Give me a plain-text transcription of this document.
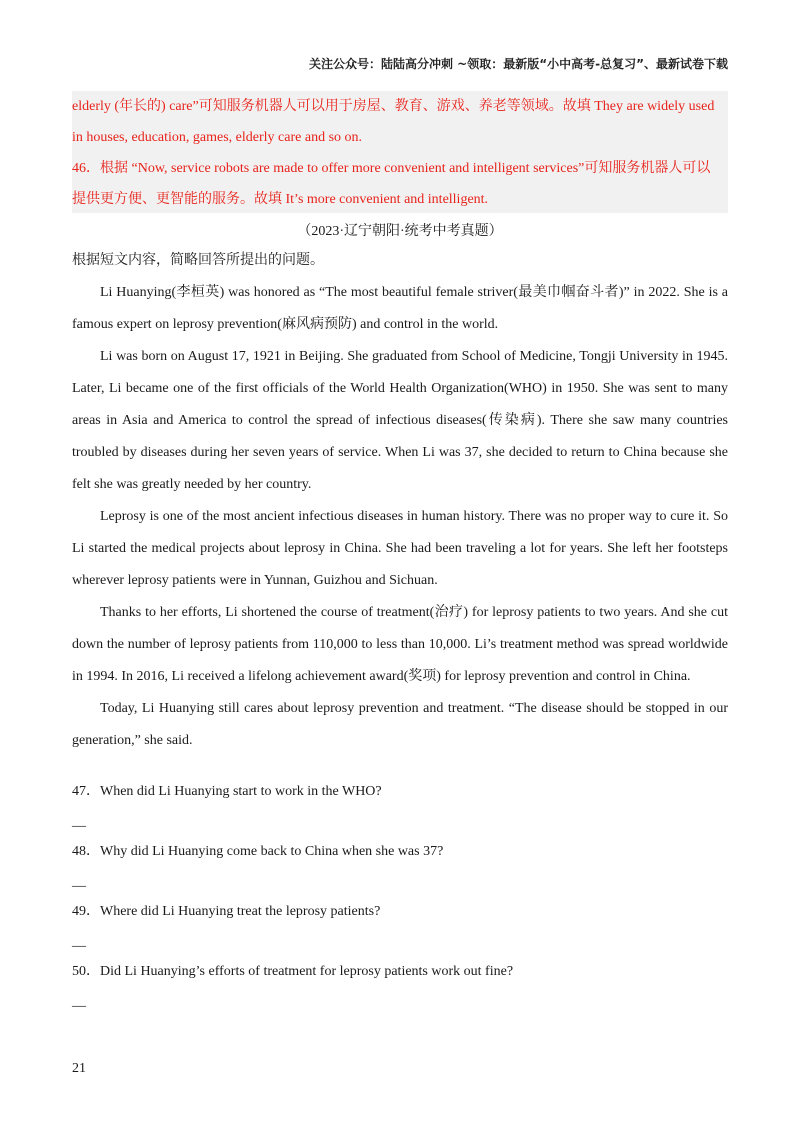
关注公众号：陆陆高分冲刺 ~领取：最新版“小中高考-总复习”、最新试卷下载

elderly (年长的) care”可知服务机器人可以用于房屋、教育、游戏、养老等领域。故填 They are widely used

in houses, education, games, elderly care and so on.

46．根据 “Now, service robots are made to offer more convenient and intelligent services”可知服务机器人可以

提供更方便、更智能的服务。故填 It’s more convenient and intelligent.

（2023·辽宁朝阳·统考中考真题）

根据短文内容，简略回答所提出的问题。

Li Huanying(李桓英) was honored as “The most beautiful female striver(最美巾帼奋斗者)” in 2022. She is a famous expert on leprosy prevention(麻风病预防) and control in the world.

Li was born on August 17, 1921 in Beijing. She graduated from School of Medicine, Tongji University in 1945. Later, Li became one of the first officials of the World Health Organization(WHO) in 1950. She was sent to many areas in Asia and America to control the spread of infectious diseases(传染病). There she saw many countries troubled by diseases during her seven years of service. When Li was 37, she decided to return to China because she felt she was greatly needed by her country.

Leprosy is one of the most ancient infectious diseases in human history. There was no proper way to cure it. So Li started the medical projects about leprosy in China. She had been traveling a lot for years. She left her footsteps wherever leprosy patients were in Yunnan, Guizhou and Sichuan.

Thanks to her efforts, Li shortened the course of treatment(治疗) for leprosy patients to two years. And she cut down the number of leprosy patients from 110,000 to less than 10,000. Li’s treatment method was spread worldwide in 1994. In 2016, Li received a lifelong achievement award(奖项) for leprosy prevention and control in China.

Today, Li Huanying still cares about leprosy prevention and treatment. “The disease should be stopped in our generation,” she said.

47．When did Li Huanying start to work in the WHO?

__

48．Why did Li Huanying come back to China when she was 37?

__

49．Where did Li Huanying treat the leprosy patients?

__

50．Did Li Huanying’s efforts of treatment for leprosy patients work out fine?

__

21
